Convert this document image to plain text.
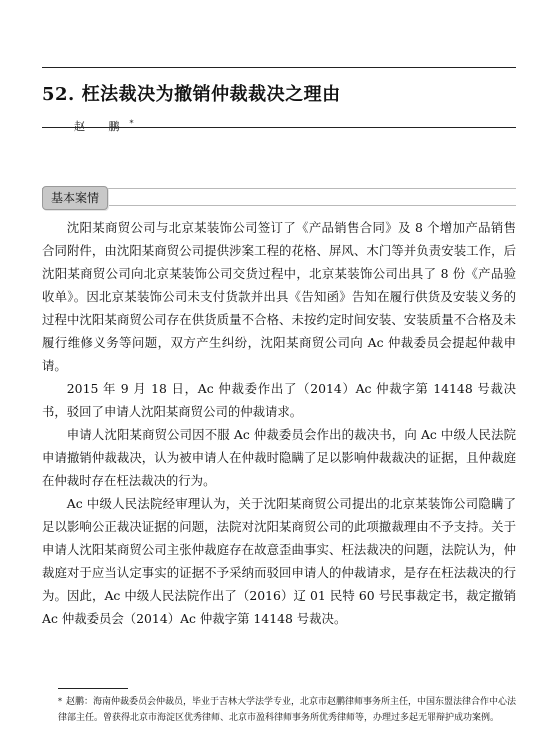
52. 枉法裁决为撤销仲裁裁决之理由
赵 鹏*
基本案情

沈阳某商贸公司与北京某装饰公司签订了《产品销售合同》及 8 个增加产品销售合同附件，由沈阳某商贸公司提供涉案工程的花格、屏风、木门等并负责安装工作，后沈阳某商贸公司向北京某装饰公司交货过程中，北京某装饰公司出具了 8 份《产品验收单》。因北京某装饰公司未支付货款并出具《告知函》告知在履行供货及安装义务的过程中沈阳某商贸公司存在供货质量不合格、未按约定时间安装、安装质量不合格及未履行维修义务等问题，双方产生纠纷，沈阳某商贸公司向 Ac 仲裁委员会提起仲裁申请。

2015 年 9 月 18 日，Ac 仲裁委作出了（2014）Ac 仲裁字第 14148 号裁决书，驳回了申请人沈阳某商贸公司的仲裁请求。

申请人沈阳某商贸公司因不服 Ac 仲裁委员会作出的裁决书，向 Ac 中级人民法院申请撤销仲裁裁决，认为被申请人在仲裁时隐瞒了足以影响仲裁裁决的证据，且仲裁庭在仲裁时存在枉法裁决的行为。

Ac 中级人民法院经审理认为，关于沈阳某商贸公司提出的北京某装饰公司隐瞒了足以影响公正裁决证据的问题，法院对沈阳某商贸公司的此项撤裁理由不予支持。关于申请人沈阳某商贸公司主张仲裁庭存在故意歪曲事实、枉法裁决的问题，法院认为，仲裁庭对于应当认定事实的证据不予采纳而驳回申请人的仲裁请求，是存在枉法裁决的行为。因此，Ac 中级人民法院作出了（2016）辽 01 民特 60 号民事裁定书，裁定撤销 Ac 仲裁委员会（2014）Ac 仲裁字第 14148 号裁决。

* 赵鹏：海南仲裁委员会仲裁员，毕业于吉林大学法学专业，北京市赵鹏律师事务所主任，中国东盟法律合作中心法律部主任。曾获得北京市海淀区优秀律师、北京市盈科律师事务所优秀律师等，办理过多起无罪辩护成功案例。
